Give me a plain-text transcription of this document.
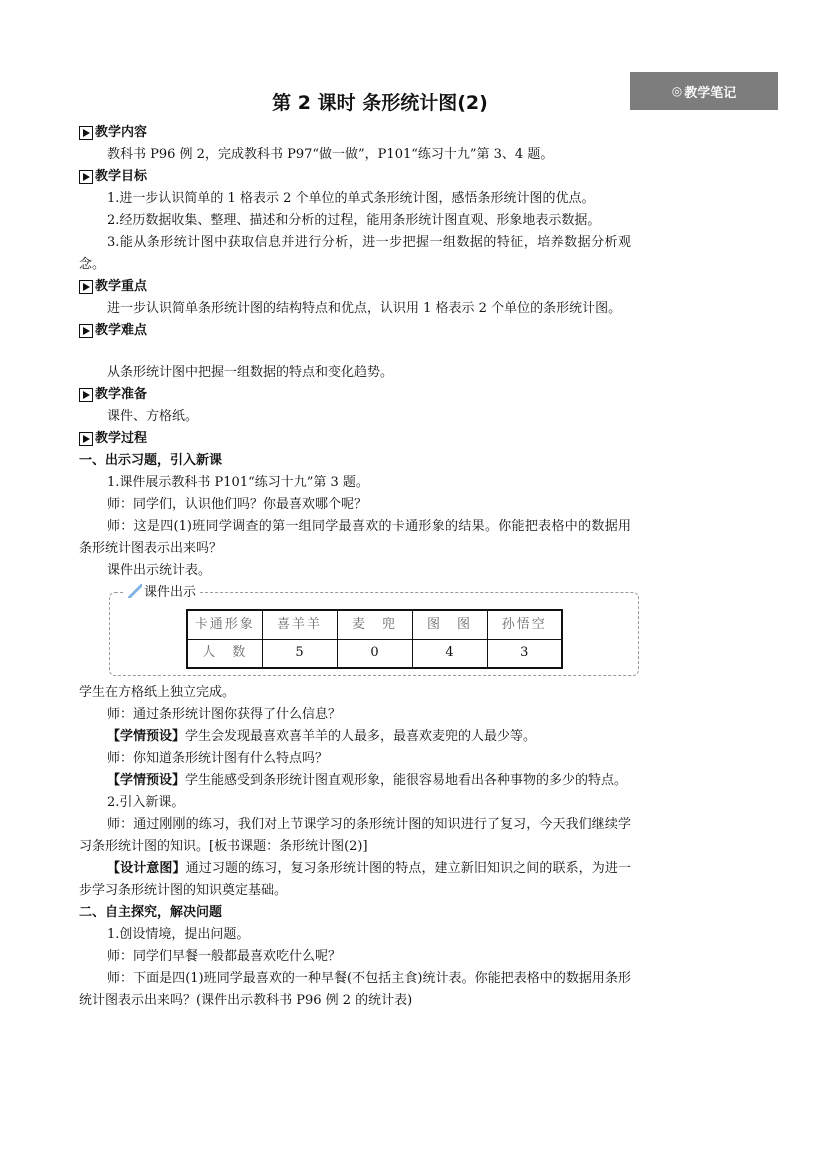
◎ 教学笔记
第 2 课时 条形统计图(2)
教学内容
教科书 P96 例 2，完成教科书 P97“做一做”，P101“练习十九”第 3、4 题。
教学目标
1.进一步认识简单的 1 格表示 2 个单位的单式条形统计图，感悟条形统计图的优点。
2.经历数据收集、整理、描述和分析的过程，能用条形统计图直观、形象地表示数据。
3.能从条形统计图中获取信息并进行分析，进一步把握一组数据的特征，培养数据分析观念。
教学重点
进一步认识简单条形统计图的结构特点和优点，认识用 1 格表示 2 个单位的条形统计图。
教学难点
从条形统计图中把握一组数据的特点和变化趋势。
教学准备
课件、方格纸。
教学过程
一、出示习题，引入新课
1.课件展示教科书 P101“练习十九”第 3 题。
师：同学们，认识他们吗？你最喜欢哪个呢？
师：这是四(1)班同学调查的第一组同学最喜欢的卡通形象的结果。你能把表格中的数据用条形统计图表示出来吗？
课件出示统计表。
课件出示
卡通形象	喜羊羊	麦　兜	图　图	孙悟空
人　数	5	0	4	3
学生在方格纸上独立完成。
师：通过条形统计图你获得了什么信息？
【学情预设】学生会发现最喜欢喜羊羊的人最多，最喜欢麦兜的人最少等。
师：你知道条形统计图有什么特点吗？
【学情预设】学生能感受到条形统计图直观形象，能很容易地看出各种事物的多少的特点。
2.引入新课。
师：通过刚刚的练习，我们对上节课学习的条形统计图的知识进行了复习，今天我们继续学习条形统计图的知识。[板书课题：条形统计图(2)]
【设计意图】通过习题的练习，复习条形统计图的特点，建立新旧知识之间的联系，为进一步学习条形统计图的知识奠定基础。
二、自主探究，解决问题
1.创设情境，提出问题。
师：同学们早餐一般都最喜欢吃什么呢？
师：下面是四(1)班同学最喜欢的一种早餐(不包括主食)统计表。你能把表格中的数据用条形统计图表示出来吗？(课件出示教科书 P96 例 2 的统计表)
